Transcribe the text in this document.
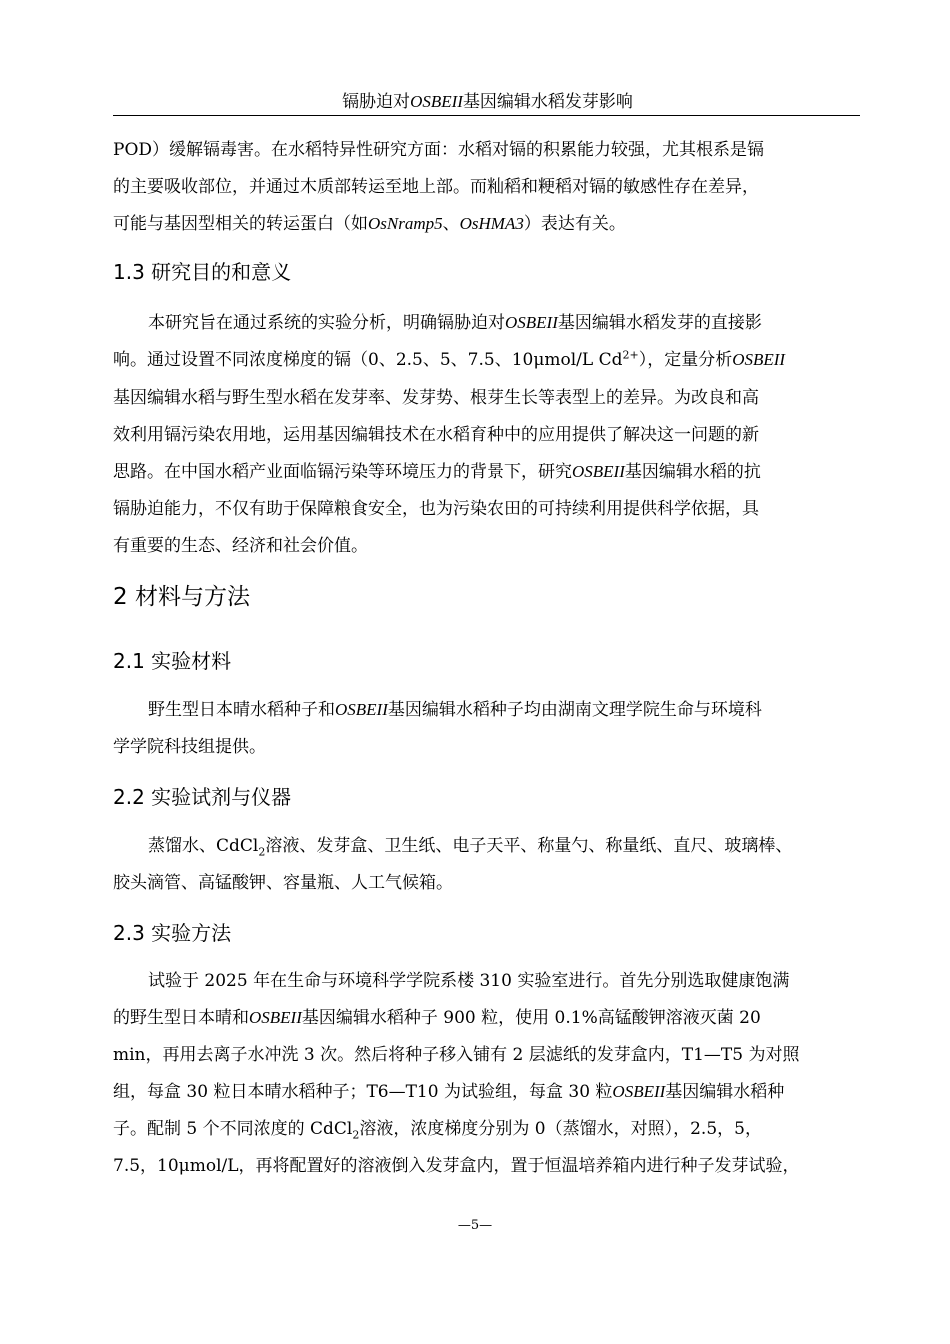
镉胁迫对OSBEII基因编辑水稻发芽影响
POD）缓解镉毒害。在水稻特异性研究方面：水稻对镉的积累能力较强，尤其根系是镉
的主要吸收部位，并通过木质部转运至地上部。而籼稻和粳稻对镉的敏感性存在差异，
可能与基因型相关的转运蛋白（如OsNramp5、OsHMA3）表达有关。
1.3 研究目的和意义
本研究旨在通过系统的实验分析，明确镉胁迫对OSBEII基因编辑水稻发芽的直接影
响。通过设置不同浓度梯度的镉（0、2.5、5、7.5、10μmol/L $Cd^{2+}$），定量分析OSBEII
基因编辑水稻与野生型水稻在发芽率、发芽势、根芽生长等表型上的差异。为改良和高
效利用镉污染农用地，运用基因编辑技术在水稻育种中的应用提供了解决这一问题的新
思路。在中国水稻产业面临镉污染等环境压力的背景下，研究OSBEII基因编辑水稻的抗
镉胁迫能力，不仅有助于保障粮食安全，也为污染农田的可持续利用提供科学依据，具
有重要的生态、经济和社会价值。
2 材料与方法
2.1 实验材料
野生型日本晴水稻种子和OSBEII基因编辑水稻种子均由湖南文理学院生命与环境科
学学院科技组提供。
2.2 实验试剂与仪器
蒸馏水、CdCl$_2$溶液、发芽盒、卫生纸、电子天平、称量勺、称量纸、直尺、玻璃棒、
胶头滴管、高锰酸钾、容量瓶、人工气候箱。
2.3 实验方法
试验于 2025 年在生命与环境科学学院系楼 310 实验室进行。首先分别选取健康饱满
的野生型日本晴和OSBEII基因编辑水稻种子 900 粒，使用 0.1%高锰酸钾溶液灭菌 20
min，再用去离子水冲洗 3 次。然后将种子移入铺有 2 层滤纸的发芽盒内，T1—T5 为对照
组，每盒 30 粒日本晴水稻种子；T6—T10 为试验组，每盒 30 粒OSBEII基因编辑水稻种
子。配制 5 个不同浓度的 CdCl$_2$溶液，浓度梯度分别为 0（蒸馏水，对照），2.5，5，
7.5，10μmol/L，再将配置好的溶液倒入发芽盒内，置于恒温培养箱内进行种子发芽试验，
—5—
